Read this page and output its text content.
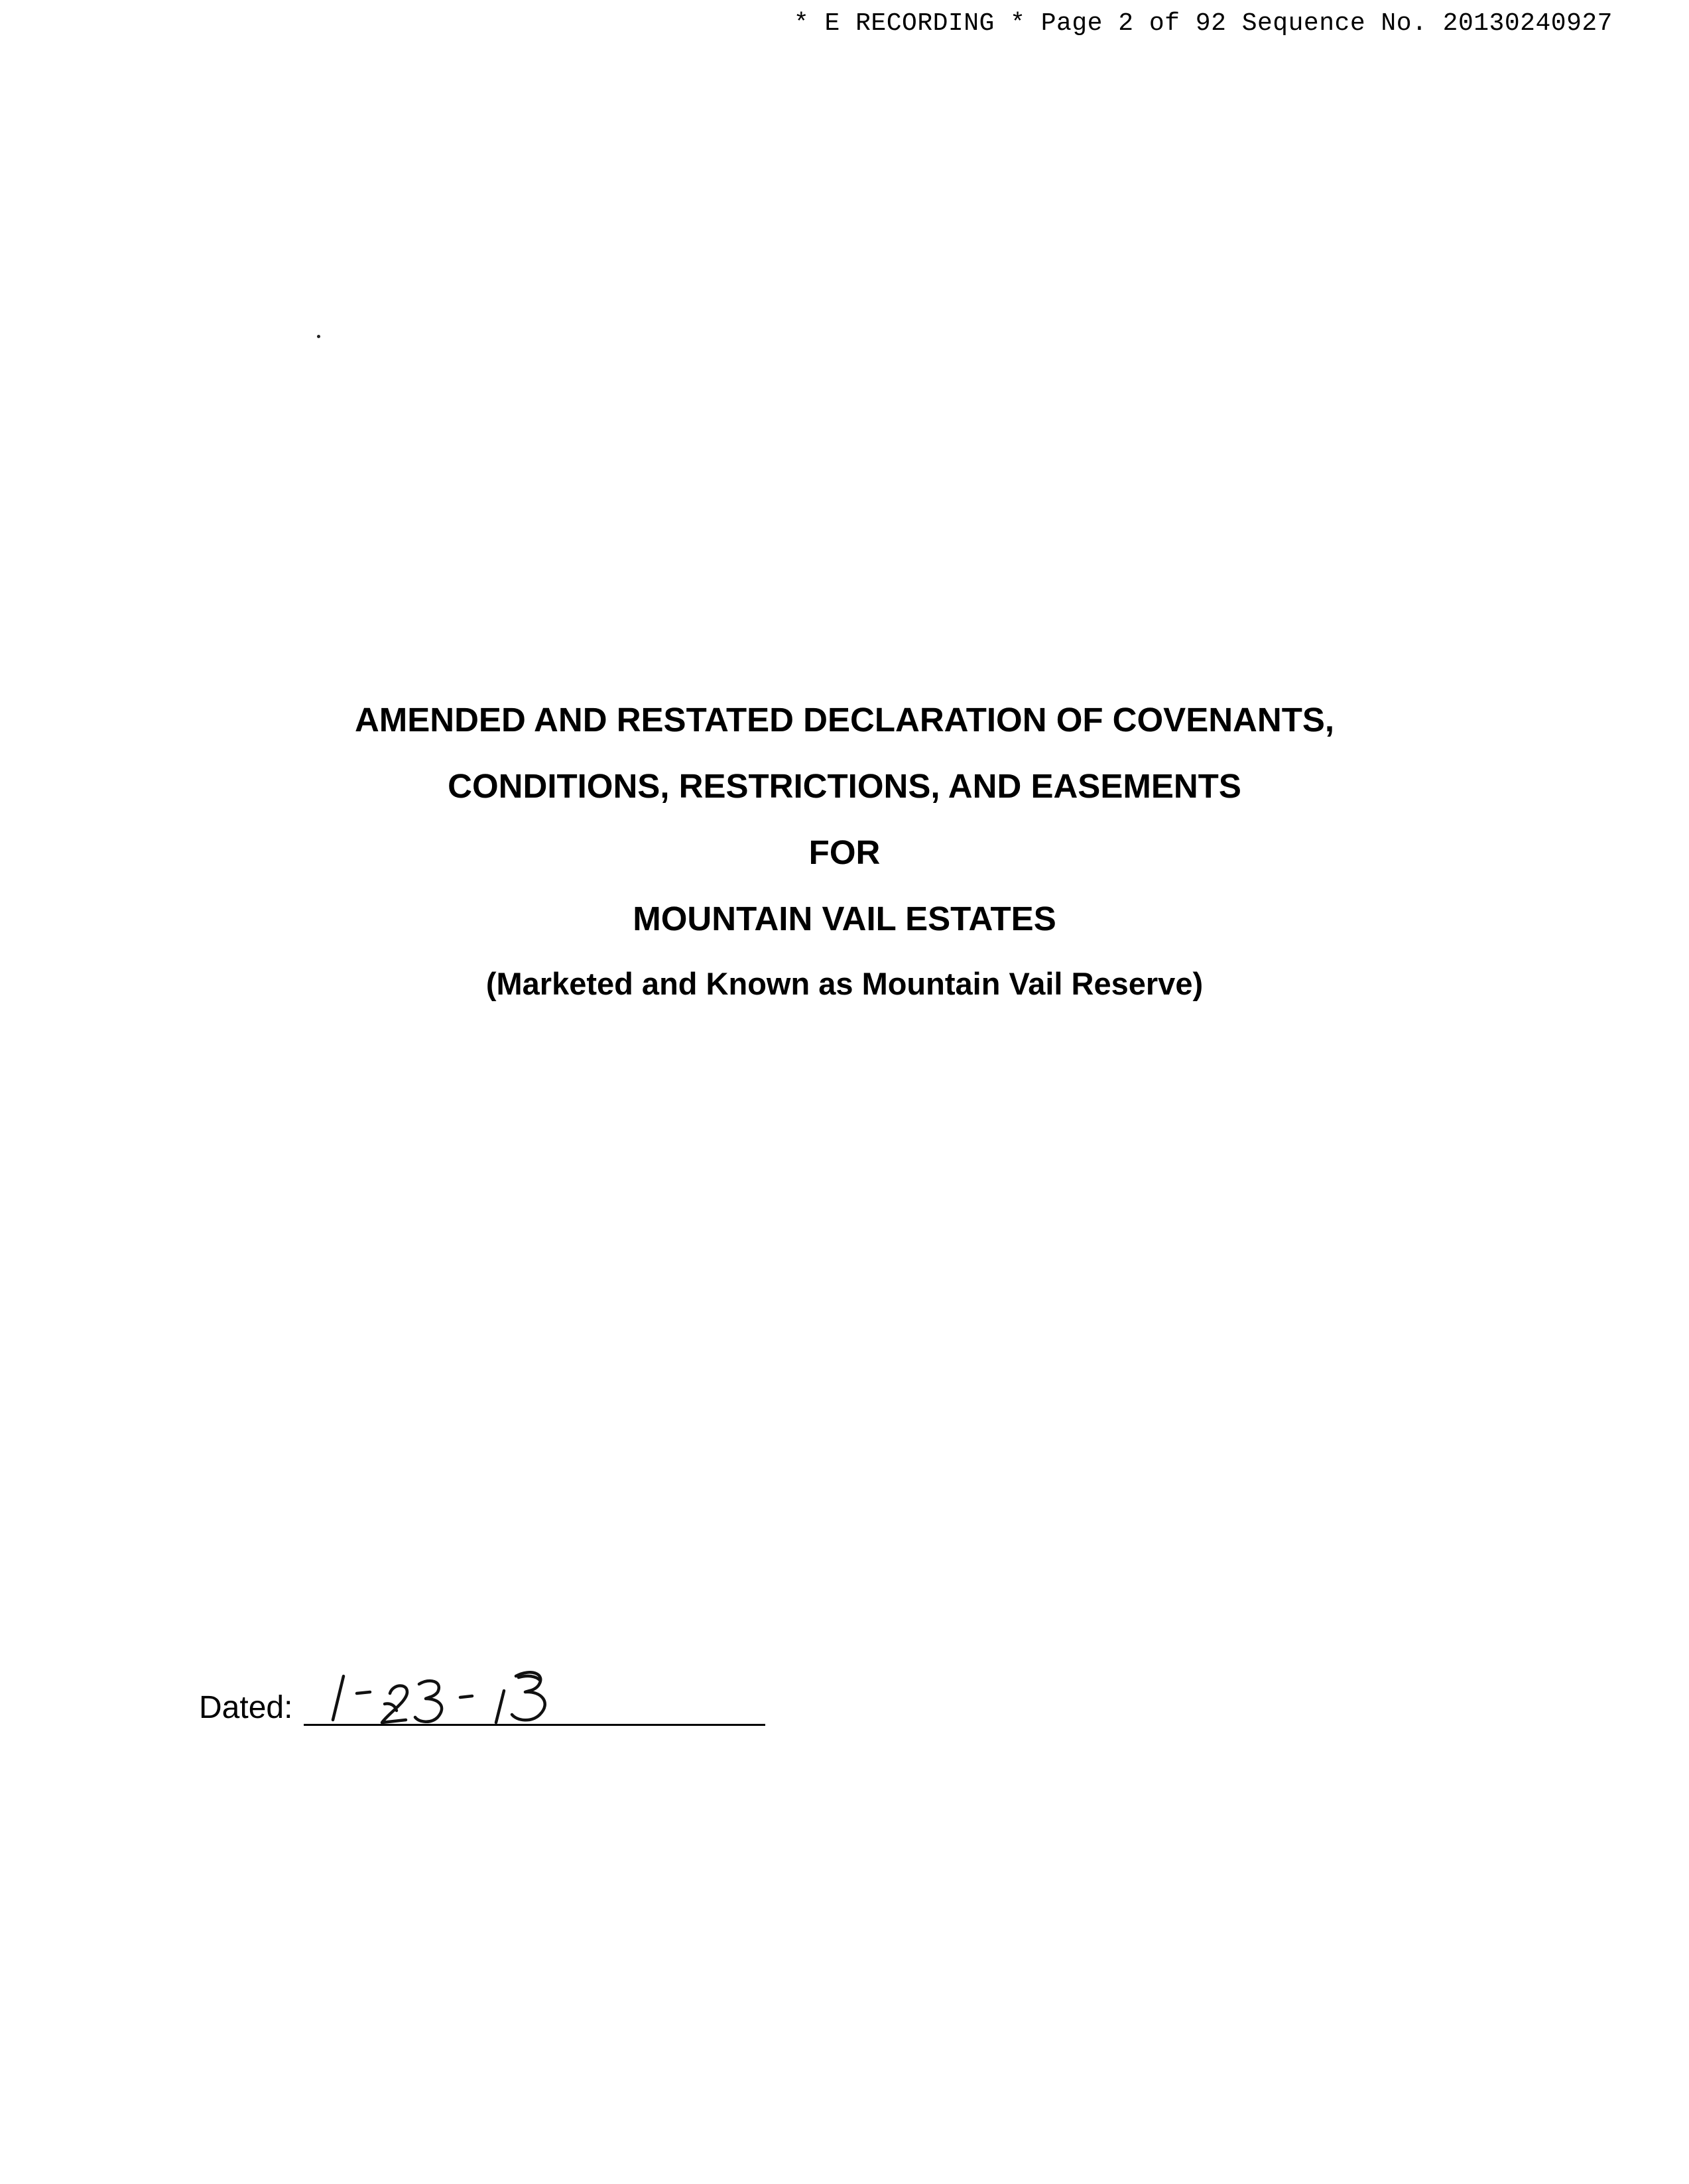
* E RECORDING * Page 2 of 92 Sequence No. 20130240927
AMENDED AND RESTATED DECLARATION OF COVENANTS,
CONDITIONS, RESTRICTIONS, AND EASEMENTS
FOR
MOUNTAIN VAIL ESTATES
(Marketed and Known as Mountain Vail Reserve)
Dated:
